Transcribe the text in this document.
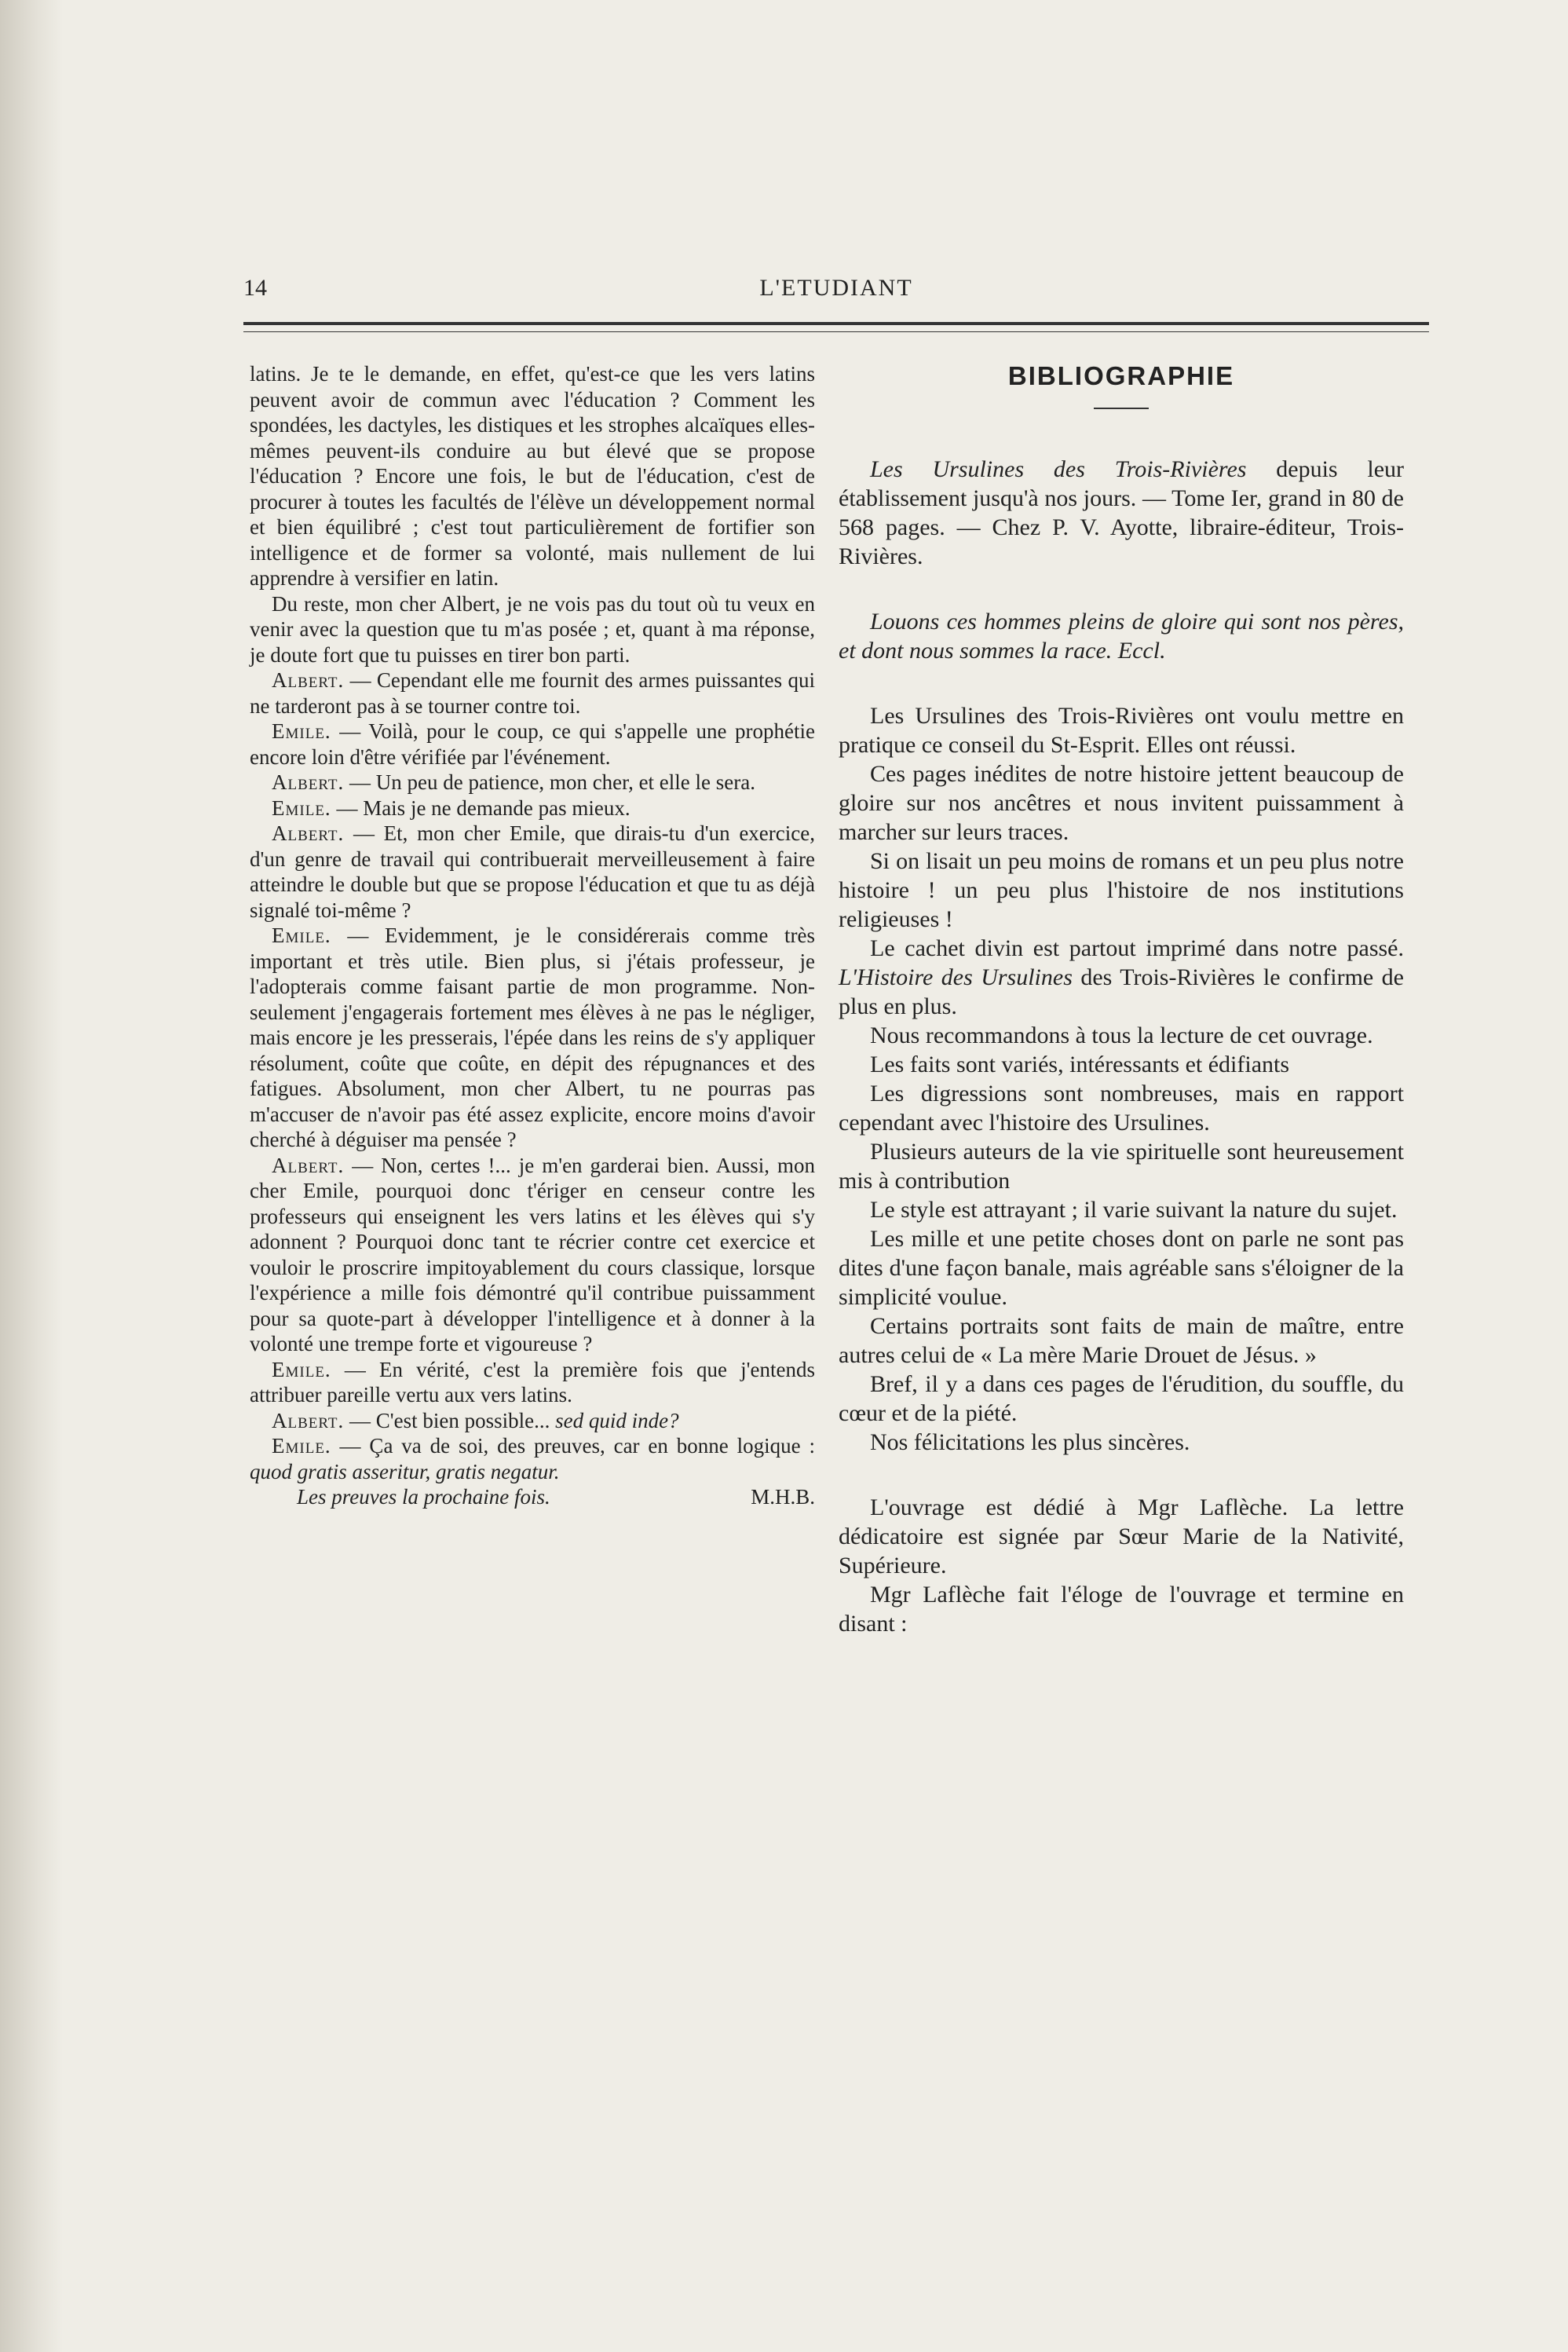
14	L'ETUDIANT

latins. Je te le demande, en effet, qu'est-ce que les vers latins peuvent avoir de commun avec l'éducation ? Comment les spondées, les dactyles, les distiques et les strophes alcaïques elles-mêmes peuvent-ils conduire au but élevé que se propose l'éducation ? Encore une fois, le but de l'éducation, c'est de procurer à toutes les facultés de l'élève un développement normal et bien équilibré ; c'est tout particulièrement de fortifier son intelligence et de former sa volonté, mais nullement de lui apprendre à versifier en latin.

Du reste, mon cher Albert, je ne vois pas du tout où tu veux en venir avec la question que tu m'as posée ; et, quant à ma réponse, je doute fort que tu puisses en tirer bon parti.

Albert. — Cependant elle me fournit des armes puissantes qui ne tarderont pas à se tourner contre toi.

Emile. — Voilà, pour le coup, ce qui s'appelle une prophétie encore loin d'être vérifiée par l'événement.

Albert. — Un peu de patience, mon cher, et elle le sera.

Emile. — Mais je ne demande pas mieux.

Albert. — Et, mon cher Emile, que dirais-tu d'un exercice, d'un genre de travail qui contribuerait merveilleusement à faire atteindre le double but que se propose l'éducation et que tu as déjà signalé toi-même ?

Emile. — Evidemment, je le considérerais comme très important et très utile. Bien plus, si j'étais professeur, je l'adopterais comme faisant partie de mon programme. Non-seulement j'engagerais fortement mes élèves à ne pas le négliger, mais encore je les presserais, l'épée dans les reins de s'y appliquer résolument, coûte que coûte, en dépit des répugnances et des fatigues. Absolument, mon cher Albert, tu ne pourras pas m'accuser de n'avoir pas été assez explicite, encore moins d'avoir cherché à déguiser ma pensée ?

Albert. — Non, certes !... je m'en garderai bien. Aussi, mon cher Emile, pourquoi donc t'ériger en censeur contre les professeurs qui enseignent les vers latins et les élèves qui s'y adonnent ? Pourquoi donc tant te récrier contre cet exercice et vouloir le proscrire impitoyablement du cours classique, lorsque l'expérience a mille fois démontré qu'il contribue puissamment pour sa quote-part à développer l'intelligence et à donner à la volonté une trempe forte et vigoureuse ?

Emile. — En vérité, c'est la première fois que j'entends attribuer pareille vertu aux vers latins.

Albert. — C'est bien possible... sed quid inde?

Emile. — Ça va de soi, des preuves, car en bonne logique : quod gratis asseritur, gratis negatur.

Les preuves la prochaine fois.	M.H.B.

BIBLIOGRAPHIE

Les Ursulines des Trois-Rivières depuis leur établissement jusqu'à nos jours. — Tome Ier, grand in 80 de 568 pages. — Chez P. V. Ayotte, libraire-éditeur, Trois-Rivières.

Louons ces hommes pleins de gloire qui sont nos pères, et dont nous sommes la race. Eccl.

Les Ursulines des Trois-Rivières ont voulu mettre en pratique ce conseil du St-Esprit. Elles ont réussi.

Ces pages inédites de notre histoire jettent beaucoup de gloire sur nos ancêtres et nous invitent puissamment à marcher sur leurs traces.

Si on lisait un peu moins de romans et un peu plus notre histoire ! un peu plus l'histoire de nos institutions religieuses !

Le cachet divin est partout imprimé dans notre passé. L'Histoire des Ursulines des Trois-Rivières le confirme de plus en plus.

Nous recommandons à tous la lecture de cet ouvrage.

Les faits sont variés, intéressants et édifiants

Les digressions sont nombreuses, mais en rapport cependant avec l'histoire des Ursulines.

Plusieurs auteurs de la vie spirituelle sont heureusement mis à contribution

Le style est attrayant ; il varie suivant la nature du sujet.

Les mille et une petite choses dont on parle ne sont pas dites d'une façon banale, mais agréable sans s'éloigner de la simplicité voulue.

Certains portraits sont faits de main de maître, entre autres celui de « La mère Marie Drouet de Jésus. »

Bref, il y a dans ces pages de l'érudition, du souffle, du cœur et de la piété.

Nos félicitations les plus sincères.

L'ouvrage est dédié à Mgr Laflèche. La lettre dédicatoire est signée par Sœur Marie de la Nativité, Supérieure.

Mgr Laflèche fait l'éloge de l'ouvrage et termine en disant :
